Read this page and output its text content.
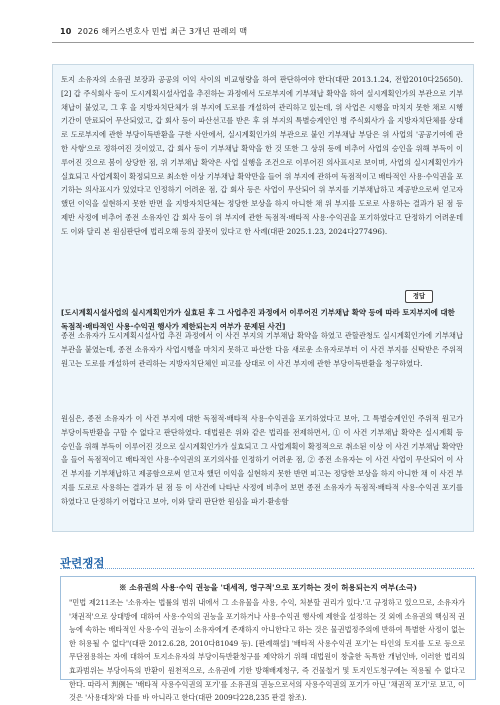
10 2026 해커스변호사 민법 최근 3개년 판례의 맥

토지 소유자의 소유권 보장과 공공의 이익 사이의 비교형량을 하여 판단하여야 한다(대판 2013.1.24, 전합2010다25650). [2] 갑 주식회사 등이 도시계획시설사업을 추진하는 과정에서 도로부지에 기부채납 확약을 하여 실시계획인가의 부관으로 기부채납이 붙었고, 그 후 을 지방자치단체가 위 부지에 도로를 개설하여 관리하고 있는데, 위 사업은 시행을 마치지 못한 채로 시행 기간이 만료되어 무산되었고, 갑 회사 등이 파산선고를 받은 후 위 부지의 특별승계인인 병 주식회사가 을 지방자치단체를 상대로 도로부지에 관한 부당이득반환을 구한 사안에서, 실시계획인가의 부관으로 붙인 기부채납 부담은 위 사업의 '공공기여에 관한 사항'으로 정하여진 것이었고, 갑 회사 등이 기부채납 확약을 한 것 또한 그 상위 등에 비추어 사업의 승인을 위해 부득이 이루어진 것으로 봄이 상당한 점, 위 기부채납 확약은 사업 실행을 조건으로 이루어진 의사표시로 보이며, 사업의 실시계획인가가 실효되고 사업계획이 확정되므로 최소한 이상 기부채납 확약만을 들어 위 부지에 관하여 독점적이고 배타적인 사용·수익권을 포기하는 의사표시가 있었다고 인정하기 어려운 점, 갑 회사 등은 사업이 무산되어 위 부지를 기부채납하고 제공받으로써 얻고자 했던 이익을 실현하지 못한 반면 을 지방자치단체는 정당한 보상을 하지 아니한 채 위 부지를 도로로 사용하는 결과가 된 점 등 제반 사정에 비추어 종전 소유자인 갑 회사 등이 위 부지에 관한 독점적·배타적 사용·수익권을 포기하였다고 단정하기 어려운데도 이와 달리 본 원심판단에 법리오해 등의 잘못이 있다고 한 사례(대판 2025.1.23, 2024다277496).

정답

[도시계획시설사업의 실시계획인가가 실효된 후 그 사업추진 과정에서 이루어진 기부채납 확약 등에 따라 토지부지에 대한 독점적·배타적인 사용·수익권 행사가 제한되는지 여부가 문제된 사건]

종전 소유자가 도시계획시설사업 추진 과정에서 이 사건 부지의 기부채납 확약을 하였고 관할관청도 실시계획인가에 기부채납 부관을 붙였는데, 종전 소유자가 사업시행을 마치지 못하고 파산한 다음 새로운 소유자로부터 이 사건 부지를 신탁받은 주위적 원고는 도로를 개설하여 관리하는 지방자치단체인 피고를 상대로 이 사건 부지에 관한 부당이득반환을 청구하였다.

원심은, 종전 소유자가 이 사건 부지에 대한 독점적·배타적 사용·수익권을 포기하였다고 보아, 그 특별승계인인 주위적 원고가 부당이득반환을 구할 수 없다고 판단하였다. 대법원은 위와 같은 법리를 전제하면서, ① 이 사건 기부채납 확약은 실시계획 등 승인을 위해 부득이 이루어진 것으로 실시계획인가가 실효되고 그 사업계획이 확정적으로 취소된 이상 이 사건 기부채납 확약만을 들어 독점적이고 배타적인 사용·수익권의 포기의사를 인정하기 어려운 점, ② 종전 소유자는 이 사건 사업이 무산되어 이 사건 부지를 기부채납하고 제공함으로써 얻고자 했던 이익을 실현하지 못한 반면 피고는 정당한 보상을 하지 아니한 채 이 사건 부지를 도로로 사용하는 결과가 된 점 등 이 사건에 나타난 사정에 비추어 보면 종전 소유자가 독점적·배타적 사용·수익권 포기를 하였다고 단정하기 어렵다고 보아, 이와 달리 판단한 원심을 파기·환송함

관련쟁점

※ 소유권의 사용·수익 권능을 '대세적, 영구적'으로 포기하는 것이 허용되는지 여부(소극)

"민법 제211조는 '소유자는 법률의 범위 내에서 그 소유물을 사용, 수익, 처분할 권리가 있다.'고 규정하고 있으므로, 소유자가 '채권적'으로 상대방에 대하여 사용·수익의 권능을 포기하거나 사용·수익권 행사에 제한을 설정하는 것 외에 소유권의 핵심적 권능에 속하는 배타적인 사용·수익 권능이 소유자에게 존재하지 아니한다고 하는 것은 물권법정주의에 반하여 특별한 사정이 없는 한 허용될 수 없다"(대판 2012.6.28, 2010다81049 등). [판례해설] '배타적 사용수익권 포기'는 타인의 토지를 도로 등으로 무단점용하는 자에 대하여 토지소유자의 부당이득반환청구를 제약하기 위해 대법원이 창출한 독특한 개념인바, 이러한 법리의 효과범위는 부당이득의 반환이 원천적으로, 소유권에 기한 방해배제청구, 즉 건물철거 및 토지인도청구에는 적용될 수 없다고 한다. 따라서 判例는 '배타적 사용수익권의 포기'를 소유권의 권능으로서의 사용수익권의 포기가 아닌 '채권적 포기'로 보고, 이것은 '사용대차'와 다를 바 아니라고 한다(대판 2009다228,235 판결 참조).
